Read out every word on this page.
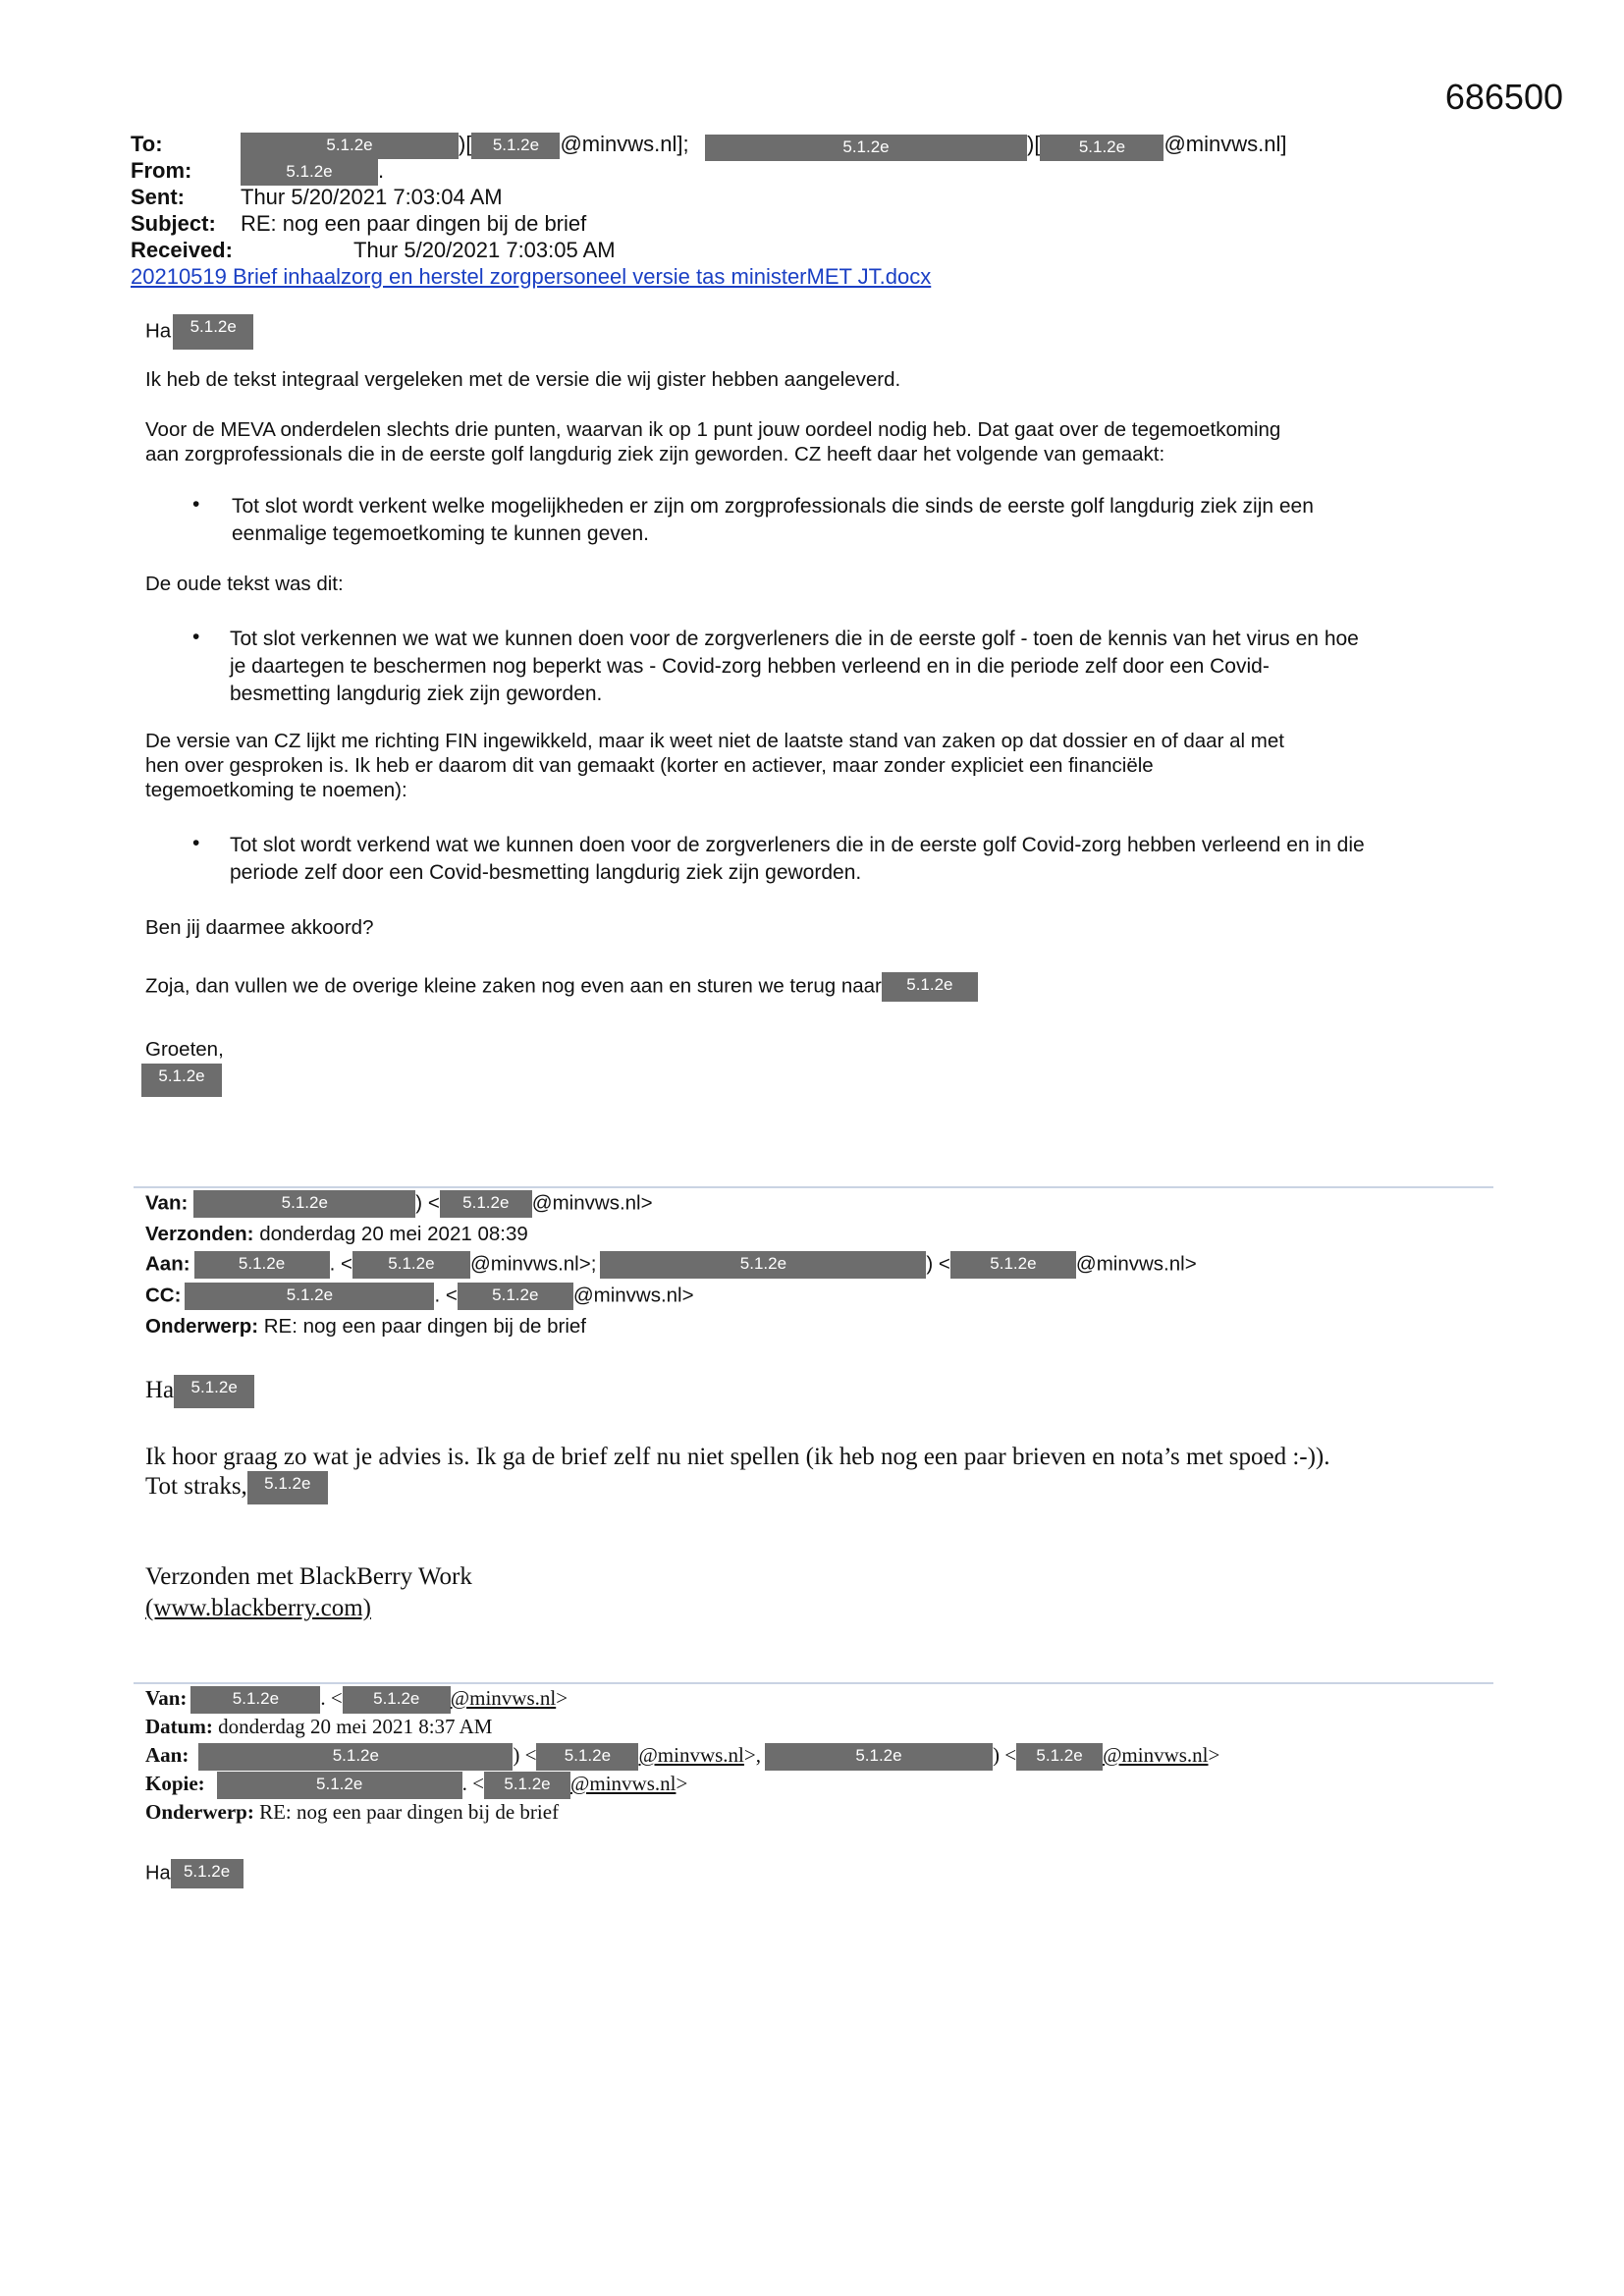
686500
To:	5.1.2e	)[ 5.1.2e @minvws.nl];	5.1.2e	)[ 5.1.2e @minvws.nl]
From:	5.1.2e .
Sent:	Thur 5/20/2021 7:03:04 AM
Subject: RE: nog een paar dingen bij de brief
Received:	Thur 5/20/2021 7:03:05 AM
20210519 Brief inhaalzorg en herstel zorgpersoneel versie tas ministerMET JT.docx
Ha 5.1.2e
Ik heb de tekst integraal vergeleken met de versie die wij gister hebben aangeleverd.
Voor de MEVA onderdelen slechts drie punten, waarvan ik op 1 punt jouw oordeel nodig heb. Dat gaat over de tegemoetkoming
aan zorgprofessionals die in de eerste golf langdurig ziek zijn geworden. CZ heeft daar het volgende van gemaakt:
• Tot slot wordt verkent welke mogelijkheden er zijn om zorgprofessionals die sinds de eerste golf langdurig ziek zijn een
eenmalige tegemoetkoming te kunnen geven.
De oude tekst was dit:
• Tot slot verkennen we wat we kunnen doen voor de zorgverleners die in de eerste golf - toen de kennis van het virus en hoe
je daartegen te beschermen nog beperkt was - Covid-zorg hebben verleend en in die periode zelf door een Covid-
besmetting langdurig ziek zijn geworden.
De versie van CZ lijkt me richting FIN ingewikkeld, maar ik weet niet de laatste stand van zaken op dat dossier en of daar al met
hen over gesproken is. Ik heb er daarom dit van gemaakt (korter en actiever, maar zonder expliciet een financiële
tegemoetkoming te noemen):
• Tot slot wordt verkend wat we kunnen doen voor de zorgverleners die in de eerste golf Covid-zorg hebben verleend en in die
periode zelf door een Covid-besmetting langdurig ziek zijn geworden.
Ben jij daarmee akkoord?
Zoja, dan vullen we de overige kleine zaken nog even aan en sturen we terug naar 5.1.2e
Groeten,
5.1.2e
Van:	5.1.2e	) < 5.1.2e @minvws.nl>
Verzonden: donderdag 20 mei 2021 08:39
Aan:	5.1.2e . < 5.1.2e @minvws.nl>;	5.1.2e	) < 5.1.2e @minvws.nl>
CC:	5.1.2e	. < 5.1.2e @minvws.nl>
Onderwerp: RE: nog een paar dingen bij de brief
Ha 5.1.2e
Ik hoor graag zo wat je advies is. Ik ga de brief zelf nu niet spellen (ik heb nog een paar brieven en nota’s met spoed :-)).
Tot straks, 5.1.2e
Verzonden met BlackBerry Work
(www.blackberry.com)
Van:	5.1.2e . < 5.1.2e @minvws.nl>
Datum: donderdag 20 mei 2021 8:37 AM
Aan:	5.1.2e	) < 5.1.2e @minvws.nl>,	5.1.2e	) < 5.1.2e @minvws.nl>
Kopie:	5.1.2e	. < 5.1.2e @minvws.nl>
Onderwerp: RE: nog een paar dingen bij de brief
Ha 5.1.2e
